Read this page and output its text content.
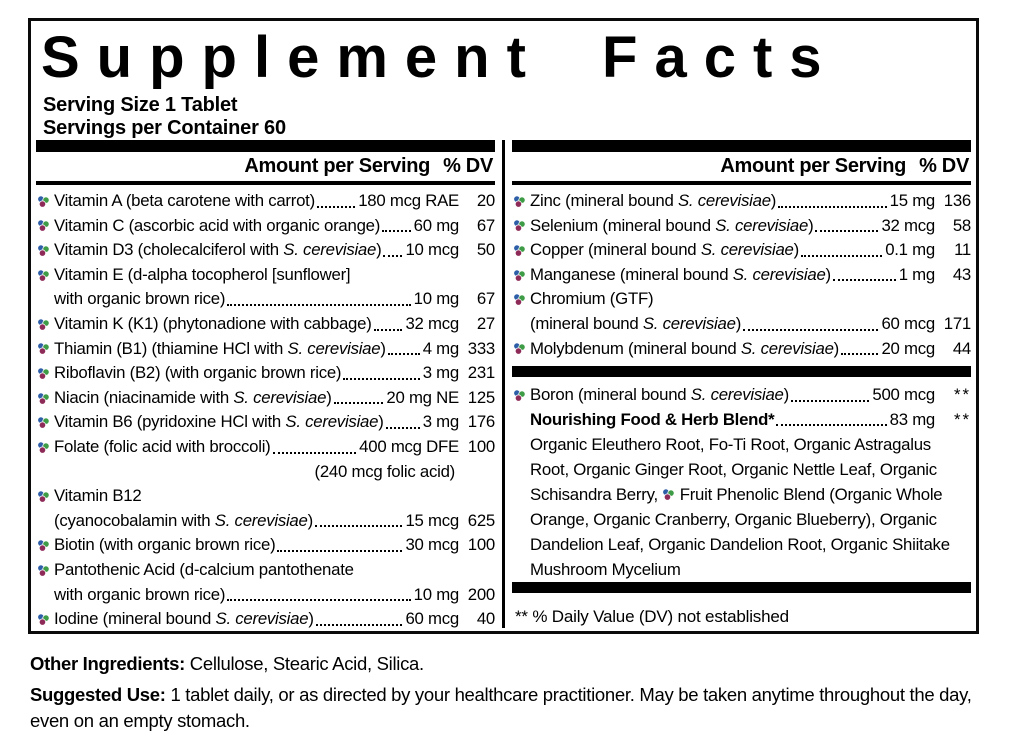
Supplement Facts
Serving Size 1 Tablet
Servings per Container 60
Amount per Serving % DV
Vitamin A (beta carotene with carrot)	180 mcg RAE	20
Vitamin C (ascorbic acid with organic orange) 60 mg	67
Vitamin D3 (cholecalciferol with S. cerevisiae) 10 mcg	50
Vitamin E (d-alpha tocopherol [sunflower]
with organic brown rice)	10 mg	67
Vitamin K (K1) (phytonadione with cabbage) 32 mcg	27
Thiamin (B1) (thiamine HCl with S. cerevisiae) 4 mg 333
Riboflavin (B2) (with organic brown rice)	3 mg 231
Niacin (niacinamide with S. cerevisiae)	20 mg NE 125
Vitamin B6 (pyridoxine HCl with S. cerevisiae) 3 mg 176
Folate (folic acid with broccoli)	400 mcg DFE 100
(240 mcg folic acid)
Vitamin B12
(cyanocobalamin with S. cerevisiae)	15 mcg 625
Biotin (with organic brown rice)	30 mcg 100
Pantothenic Acid (d-calcium pantothenate
with organic brown rice)	10 mg 200
Iodine (mineral bound S. cerevisiae)	60 mcg	40
Amount per Serving % DV
Zinc (mineral bound S. cerevisiae)	15 mg 136
Selenium (mineral bound S. cerevisiae)	32 mcg	58
Copper (mineral bound S. cerevisiae)	0.1 mg	11
Manganese (mineral bound S. cerevisiae)	1 mg	43
Chromium (GTF)
(mineral bound S. cerevisiae)	60 mcg 171
Molybdenum (mineral bound S. cerevisiae)	20 mcg	44
Boron (mineral bound S. cerevisiae)	500 mcg	**
Nourishing Food & Herb Blend*	83 mg	**
Organic Eleuthero Root, Fo-Ti Root, Organic Astragalus Root, Organic Ginger Root, Organic Nettle Leaf, Organic Schisandra Berry,  Fruit Phenolic Blend (Organic Whole Orange, Organic Cranberry, Organic Blueberry), Organic Dandelion Leaf, Organic Dandelion Root, Organic Shiitake Mushroom Mycelium
** % Daily Value (DV) not established

Other Ingredients: Cellulose, Stearic Acid, Silica.

Suggested Use: 1 tablet daily, or as directed by your healthcare practitioner. May be taken anytime throughout the day, even on an empty stomach.
